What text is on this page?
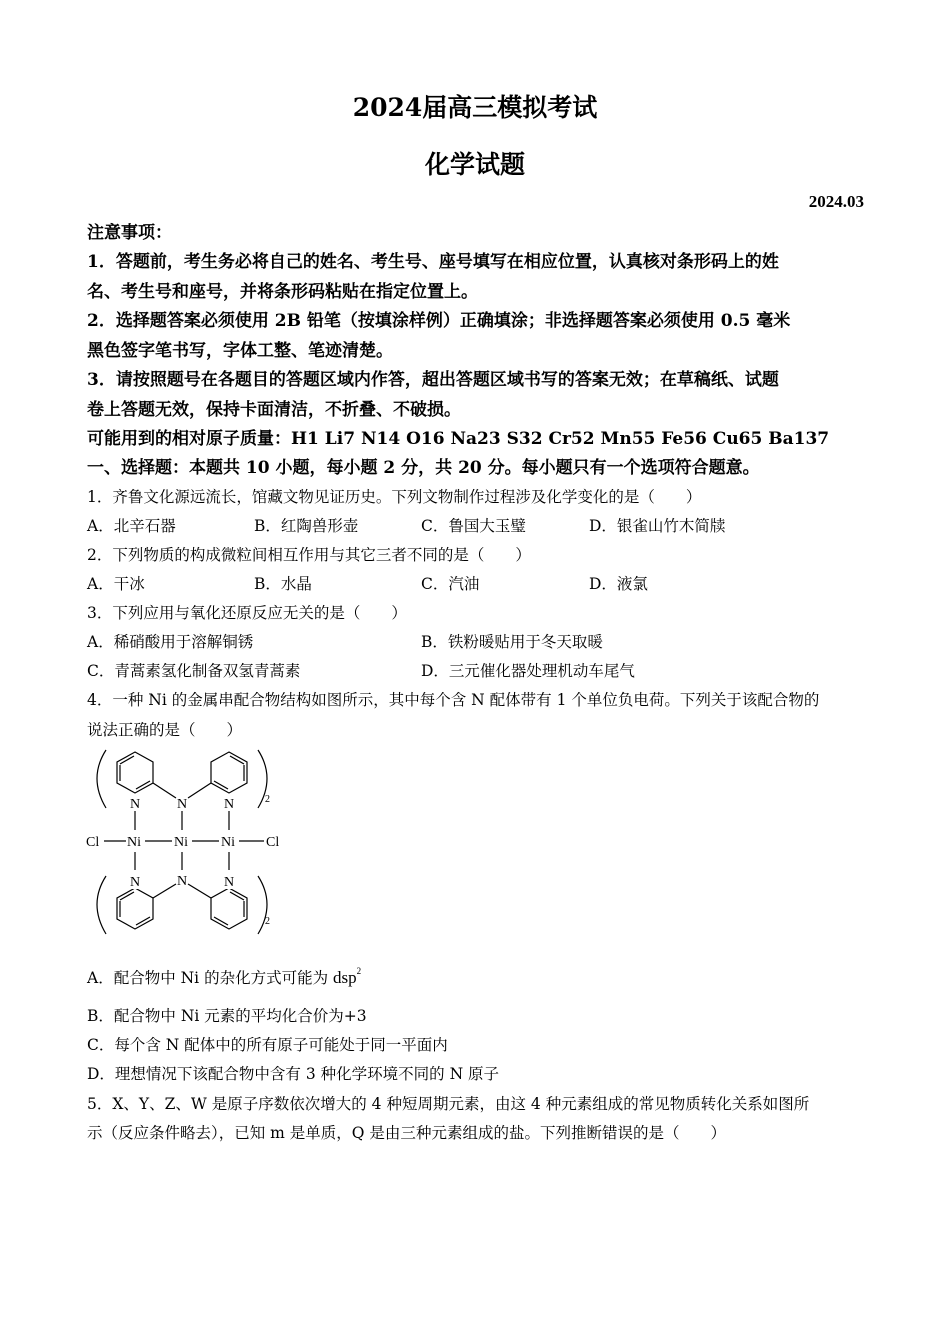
2024届高三模拟考试
化学试题
2024.03
注意事项：
1．答题前，考生务必将自己的姓名、考生号、座号填写在相应位置，认真核对条形码上的姓
名、考生号和座号，并将条形码粘贴在指定位置上。
2．选择题答案必须使用 2B 铅笔（按填涂样例）正确填涂；非选择题答案必须使用 0.5 毫米
黑色签字笔书写，字体工整、笔迹清楚。
3．请按照题号在各题目的答题区域内作答，超出答题区域书写的答案无效；在草稿纸、试题
卷上答题无效，保持卡面清洁，不折叠、不破损。
可能用到的相对原子质量：H1 Li7 N14 O16 Na23 S32 Cr52 Mn55 Fe56 Cu65 Ba137
一、选择题：本题共 10 小题，每小题 2 分，共 20 分。每小题只有一个选项符合题意。
1．齐鲁文化源远流长，馆藏文物见证历史。下列文物制作过程涉及化学变化的是（　　）
A．北辛石器	B．红陶兽形壶	C．鲁国大玉璧	D．银雀山竹木简牍
2．下列物质的构成微粒间相互作用与其它三者不同的是（　　）
A．干冰	B．水晶	C．汽油	D．液氯
3．下列应用与氧化还原反应无关的是（　　）
A．稀硝酸用于溶解铜锈	B．铁粉暖贴用于冬天取暖
C．青蒿素氢化制备双氢青蒿素	D．三元催化器处理机动车尾气
4．一种 Ni 的金属串配合物结构如图所示，其中每个含 N 配体带有 1 个单位负电荷。下列关于该配合物的
说法正确的是（　　）
N	N	N	2
Cl Ni Ni Ni Cl
N
N	N
2
A．配合物中 Ni 的杂化方式可能为 dsp$^2$
B．配合物中 Ni 元素的平均化合价为+3
C．每个含 N 配体中的所有原子可能处于同一平面内
D．理想情况下该配合物中含有 3 种化学环境不同的 N 原子
5．X、Y、Z、W 是原子序数依次增大的 4 种短周期元素，由这 4 种元素组成的常见物质转化关系如图所
示（反应条件略去），已知 m 是单质，Q 是由三种元素组成的盐。下列推断错误的是（　　）
